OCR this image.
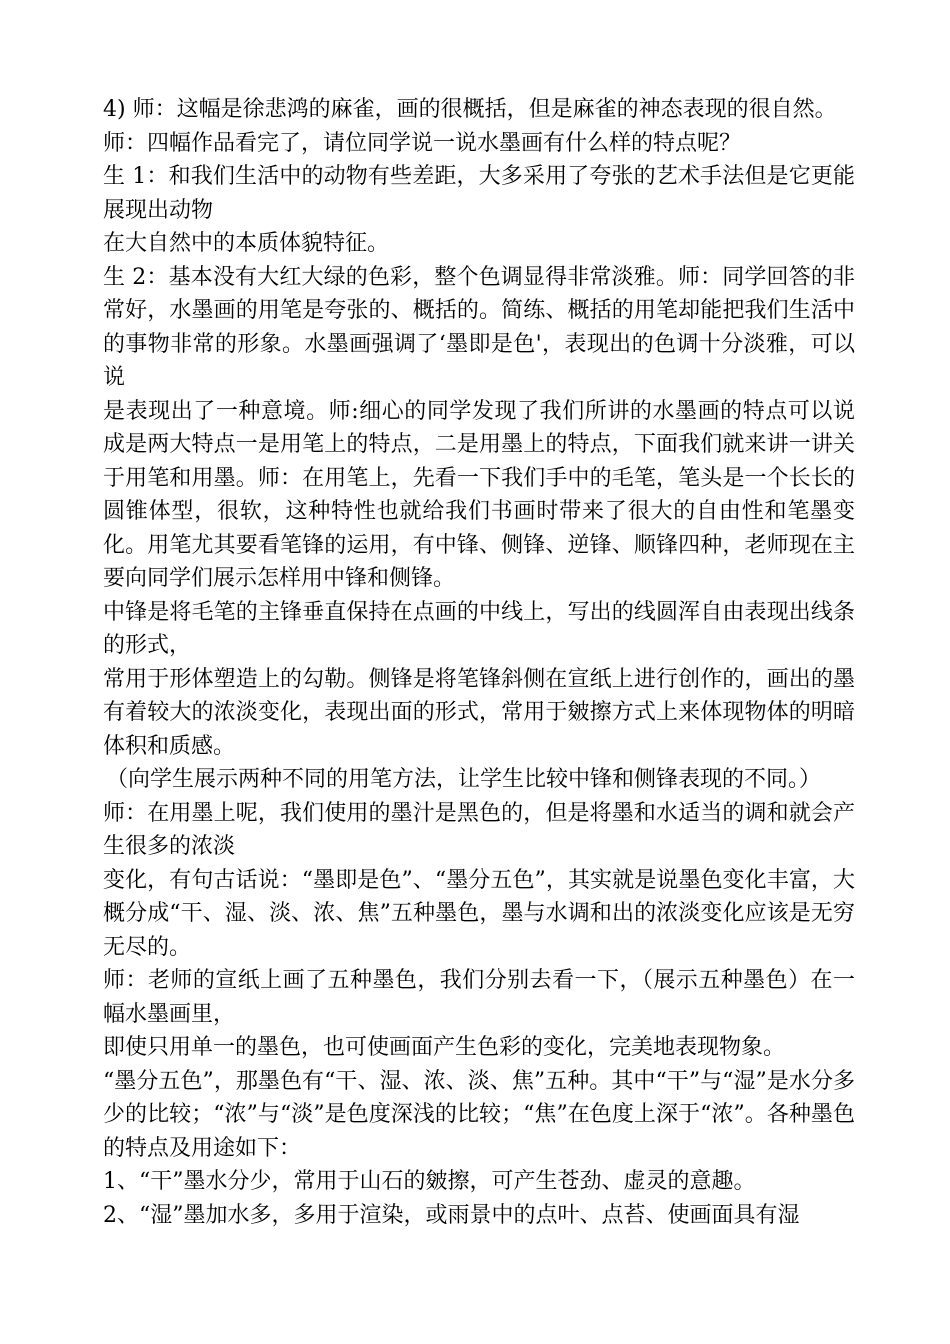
4) 师：这幅是徐悲鸿的麻雀，画的很概括，但是麻雀的神态表现的很自然。

师：四幅作品看完了，请位同学说一说水墨画有什么样的特点呢？

生 1：和我们生活中的动物有些差距，大多采用了夸张的艺术手法但是它更能展现出动物

在大自然中的本质体貌特征。

生 2：基本没有大红大绿的色彩，整个色调显得非常淡雅。师：同学回答的非常好，水墨画的用笔是夸张的、概括的。简练、概括的用笔却能把我们生活中的事物非常的形象。水墨画强调了‘墨即是色'，表现出的色调十分淡雅，可以说

是表现出了一种意境。师:细心的同学发现了我们所讲的水墨画的特点可以说成是两大特点一是用笔上的特点，二是用墨上的特点，下面我们就来讲一讲关于用笔和用墨。师：在用笔上，先看一下我们手中的毛笔，笔头是一个长长的圆锥体型，很软，这种特性也就给我们书画时带来了很大的自由性和笔墨变化。用笔尤其要看笔锋的运用，有中锋、侧锋、逆锋、顺锋四种，老师现在主要向同学们展示怎样用中锋和侧锋。

中锋是将毛笔的主锋垂直保持在点画的中线上，写出的线圆浑自由表现出线条的形式，

常用于形体塑造上的勾勒。侧锋是将笔锋斜侧在宣纸上进行创作的，画出的墨有着较大的浓淡变化，表现出面的形式，常用于皴擦方式上来体现物体的明暗体积和质感。

（向学生展示两种不同的用笔方法，让学生比较中锋和侧锋表现的不同。）

师：在用墨上呢，我们使用的墨汁是黑色的，但是将墨和水适当的调和就会产生很多的浓淡

变化，有句古话说：“墨即是色”、“墨分五色”，其实就是说墨色变化丰富，大概分成“干、湿、淡、浓、焦”五种墨色，墨与水调和出的浓淡变化应该是无穷无尽的。

师：老师的宣纸上画了五种墨色，我们分别去看一下，（展示五种墨色）在一幅水墨画里，

即使只用单一的墨色，也可使画面产生色彩的变化，完美地表现物象。

“墨分五色”，那墨色有“干、湿、浓、淡、焦”五种。其中“干”与“湿”是水分多少的比较；“浓”与“淡”是色度深浅的比较；“焦”在色度上深于“浓”。各种墨色的特点及用途如下：

1、“干”墨水分少，常用于山石的皴擦，可产生苍劲、虚灵的意趣。

2、“湿”墨加水多，多用于渲染，或雨景中的点叶、点苔、使画面具有湿
